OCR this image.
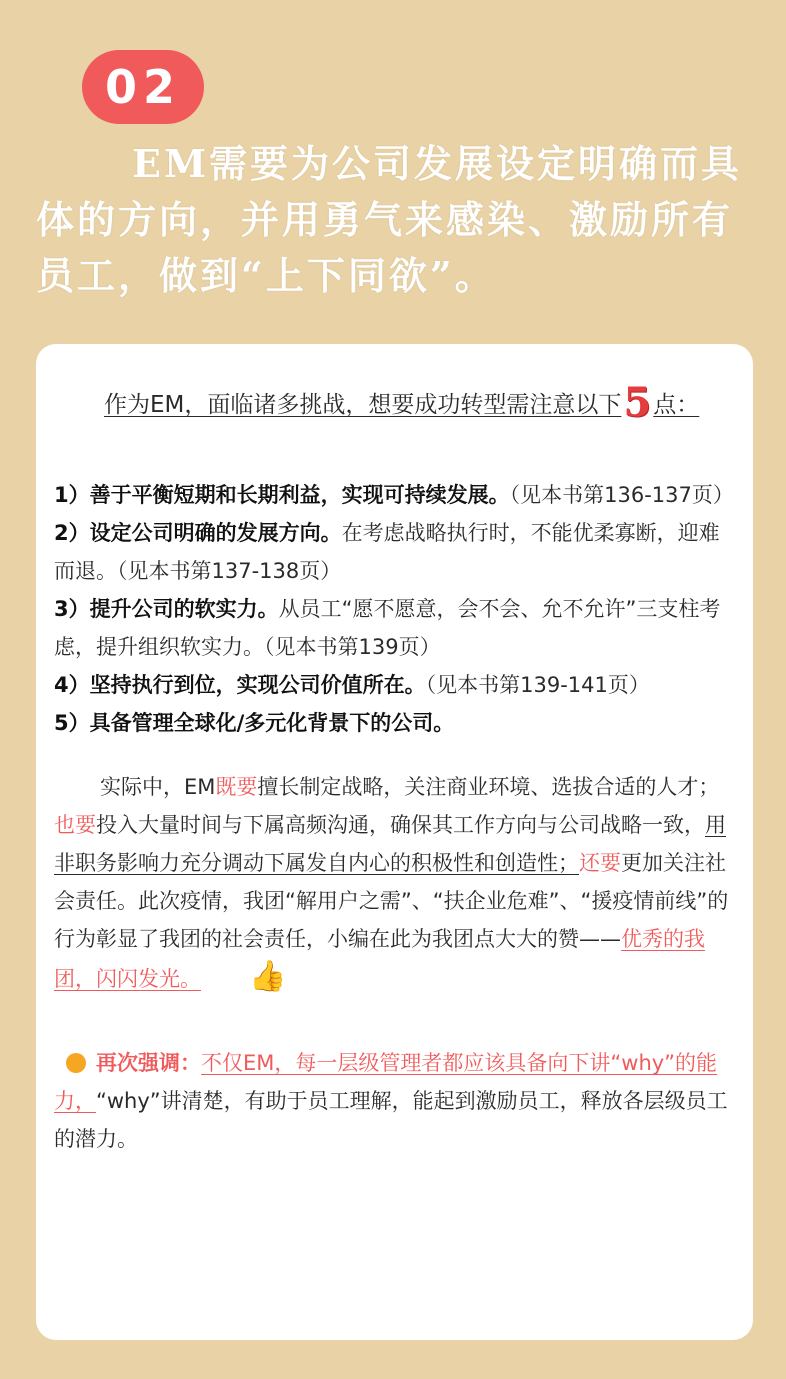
02
EM需要为公司发展设定明确而具体的方向，并用勇气来感染、激励所有员工，做到“上下同欲”。

作为EM，面临诸多挑战，想要成功转型需注意以下5点：

1）善于平衡短期和长期利益，实现可持续发展。（见本书第136-137页）

2）设定公司明确的发展方向。在考虑战略执行时，不能优柔寡断，迎难而退。（见本书第137-138页）

3）提升公司的软实力。从员工“愿不愿意，会不会、允不允许”三支柱考虑，提升组织软实力。（见本书第139页）

4）坚持执行到位，实现公司价值所在。（见本书第139-141页）

5）具备管理全球化/多元化背景下的公司。

实际中，EM既要擅长制定战略，关注商业环境、选拔合适的人才；也要投入大量时间与下属高频沟通，确保其工作方向与公司战略一致，用非职务影响力充分调动下属发自内心的积极性和创造性；还要更加关注社会责任。此次疫情，我团“解用户之需”、“扶企业危难”、“援疫情前线”的行为彰显了我团的社会责任，小编在此为我团点大大的赞——优秀的我团，闪闪发光。 👍

再次强调：不仅EM，每一层级管理者都应该具备向下讲“why”的能力，“why”讲清楚，有助于员工理解，能起到激励员工，释放各层级员工的潜力。
